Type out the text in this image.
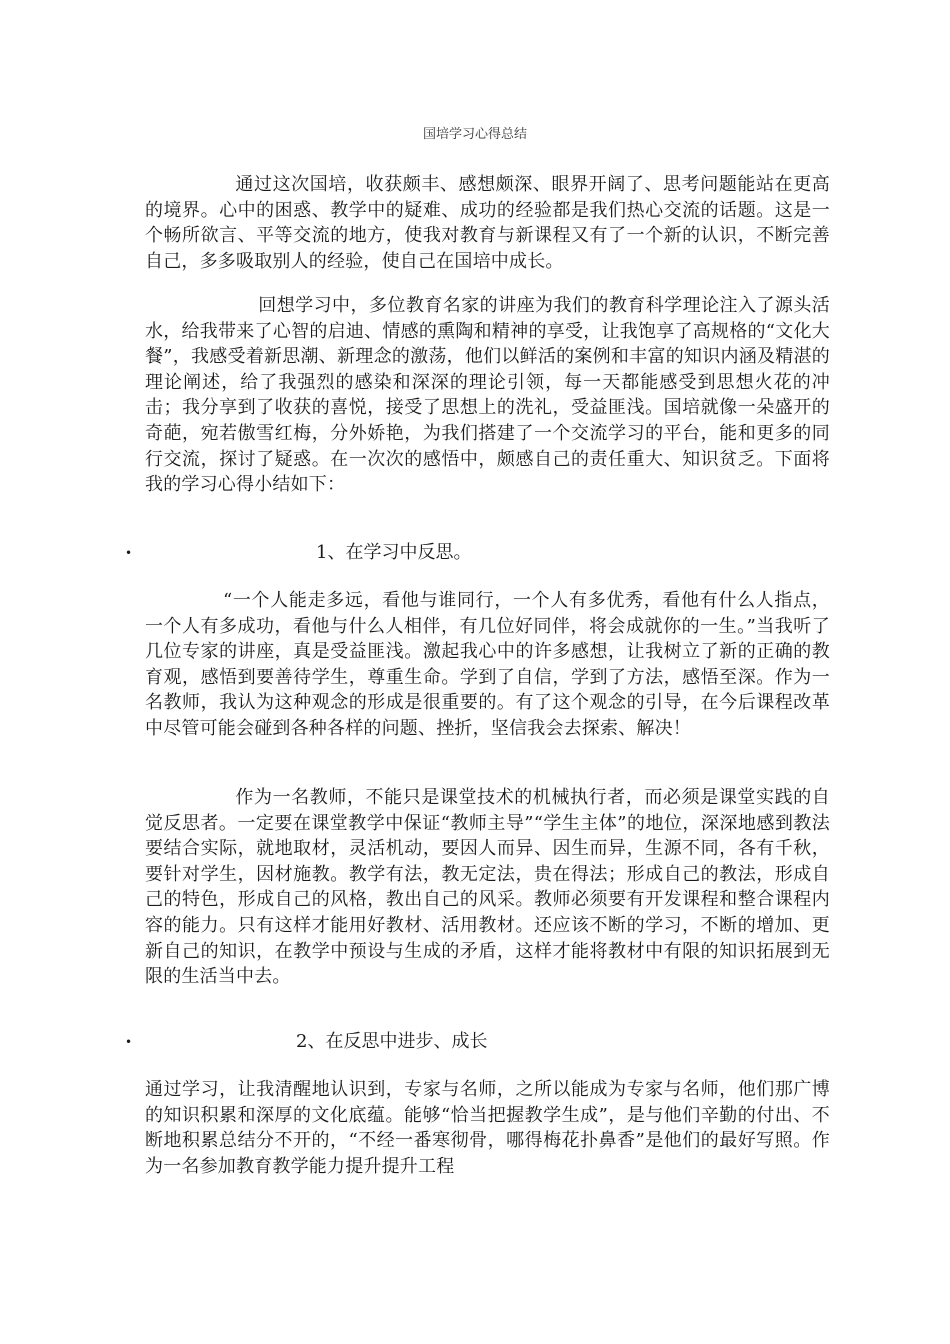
国培学习心得总结

通过这次国培，收获颇丰、感想颇深、眼界开阔了、思考问题能站在更高的境界。心中的困惑、教学中的疑难、成功的经验都是我们热心交流的话题。这是一个畅所欲言、平等交流的地方，使我对教育与新课程又有了一个新的认识，不断完善自己，多多吸取别人的经验，使自己在国培中成长。

回想学习中，多位教育名家的讲座为我们的教育科学理论注入了源头活水，给我带来了心智的启迪、情感的熏陶和精神的享受，让我饱享了高规格的“文化大餐”，我感受着新思潮、新理念的激荡，他们以鲜活的案例和丰富的知识内涵及精湛的理论阐述，给了我强烈的感染和深深的理论引领，每一天都能感受到思想火花的冲击；我分享到了收获的喜悦，接受了思想上的洗礼，受益匪浅。国培就像一朵盛开的奇葩，宛若傲雪红梅，分外娇艳，为我们搭建了一个交流学习的平台，能和更多的同行交流，探讨了疑惑。在一次次的感悟中，颇感自己的责任重大、知识贫乏。下面将我的学习心得小结如下：

•	1、在学习中反思。

“一个人能走多远，看他与谁同行，一个人有多优秀，看他有什么人指点，一个人有多成功，看他与什么人相伴，有几位好同伴，将会成就你的一生。”当我听了几位专家的讲座，真是受益匪浅。激起我心中的许多感想，让我树立了新的正确的教育观，感悟到要善待学生，尊重生命。学到了自信，学到了方法，感悟至深。作为一名教师，我认为这种观念的形成是很重要的。有了这个观念的引导，在今后课程改革中尽管可能会碰到各种各样的问题、挫折，坚信我会去探索、解决！

作为一名教师，不能只是课堂技术的机械执行者，而必须是课堂实践的自觉反思者。一定要在课堂教学中保证“教师主导”“学生主体”的地位，深深地感到教法要结合实际，就地取材，灵活机动，要因人而异、因生而异，生源不同，各有千秋，要针对学生，因材施教。教学有法，教无定法，贵在得法；形成自己的教法，形成自己的特色，形成自己的风格，教出自己的风采。教师必须要有开发课程和整合课程内容的能力。只有这样才能用好教材、活用教材。还应该不断的学习，不断的增加、更新自己的知识，在教学中预设与生成的矛盾，这样才能将教材中有限的知识拓展到无限的生活当中去。

•	2、在反思中进步、成长

通过学习，让我清醒地认识到，专家与名师，之所以能成为专家与名师，他们那广博的知识积累和深厚的文化底蕴。能够“恰当把握教学生成”，是与他们辛勤的付出、不断地积累总结分不开的，“不经一番寒彻骨，哪得梅花扑鼻香”是他们的最好写照。作为一名参加教育教学能力提升提升工程
